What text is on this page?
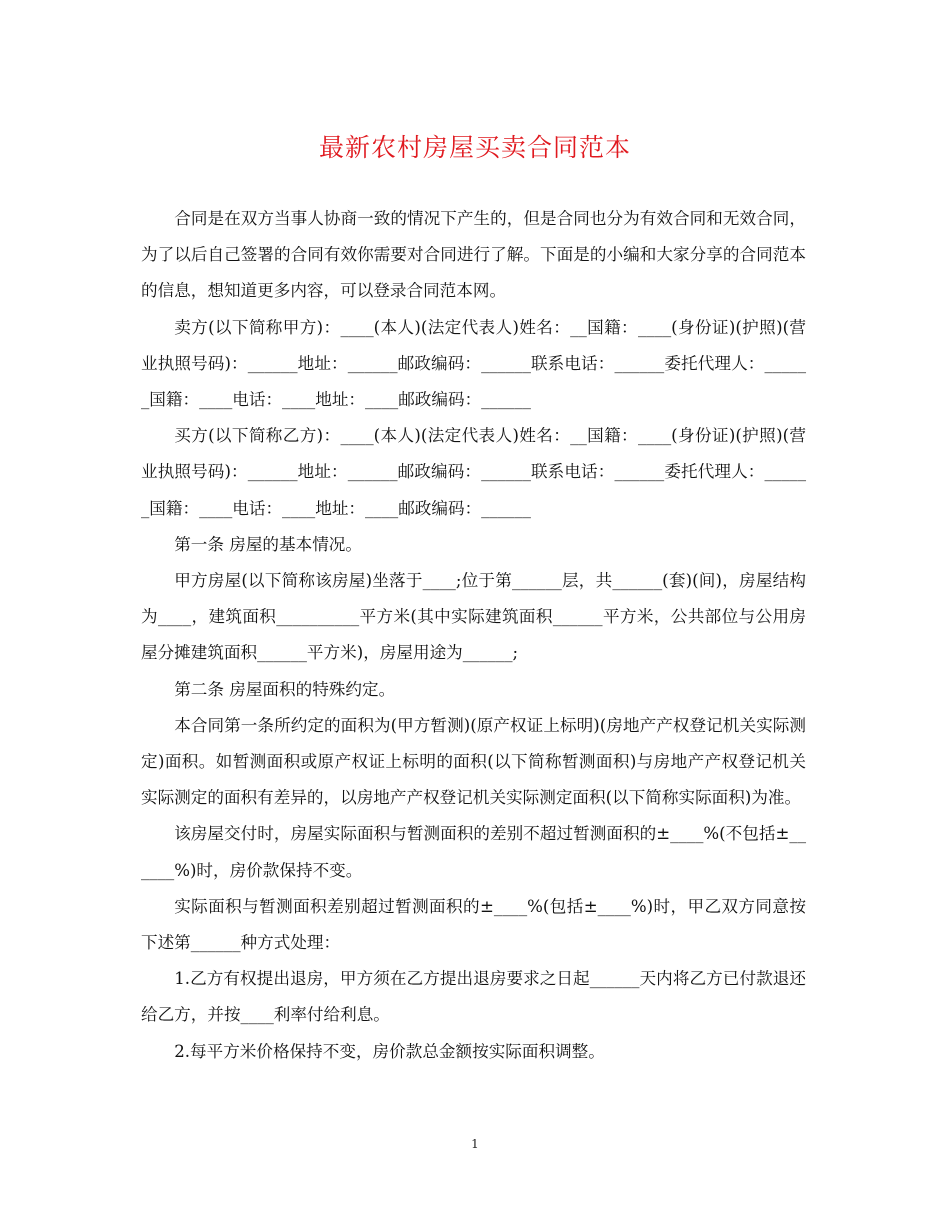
最新农村房屋买卖合同范本

合同是在双方当事人协商一致的情况下产生的，但是合同也分为有效合同和无效合同，为了以后自己签署的合同有效你需要对合同进行了解。下面是的小编和大家分享的合同范本的信息，想知道更多内容，可以登录合同范本网。

卖方(以下简称甲方)：____(本人)(法定代表人)姓名：__国籍：____(身份证)(护照)(营业执照号码)：______地址：______邮政编码：______联系电话：______委托代理人：______国籍：____电话：____地址：____邮政编码：______

买方(以下简称乙方)：____(本人)(法定代表人)姓名：__国籍：____(身份证)(护照)(营业执照号码)：______地址：______邮政编码：______联系电话：______委托代理人：______国籍：____电话：____地址：____邮政编码：______

第一条 房屋的基本情况。

甲方房屋(以下简称该房屋)坐落于____;位于第______层，共______(套)(间)，房屋结构为____，建筑面积__________平方米(其中实际建筑面积______平方米，公共部位与公用房屋分摊建筑面积______平方米)，房屋用途为______;

第二条 房屋面积的特殊约定。

本合同第一条所约定的面积为(甲方暂测)(原产权证上标明)(房地产产权登记机关实际测定)面积。如暂测面积或原产权证上标明的面积(以下简称暂测面积)与房地产产权登记机关实际测定的面积有差异的，以房地产产权登记机关实际测定面积(以下简称实际面积)为准。

该房屋交付时，房屋实际面积与暂测面积的差别不超过暂测面积的±____%(不包括±______%)时，房价款保持不变。

实际面积与暂测面积差别超过暂测面积的±____%(包括±____%)时，甲乙双方同意按下述第______种方式处理：

1.乙方有权提出退房，甲方须在乙方提出退房要求之日起______天内将乙方已付款退还给乙方，并按____利率付给利息。

2.每平方米价格保持不变，房价款总金额按实际面积调整。

1
